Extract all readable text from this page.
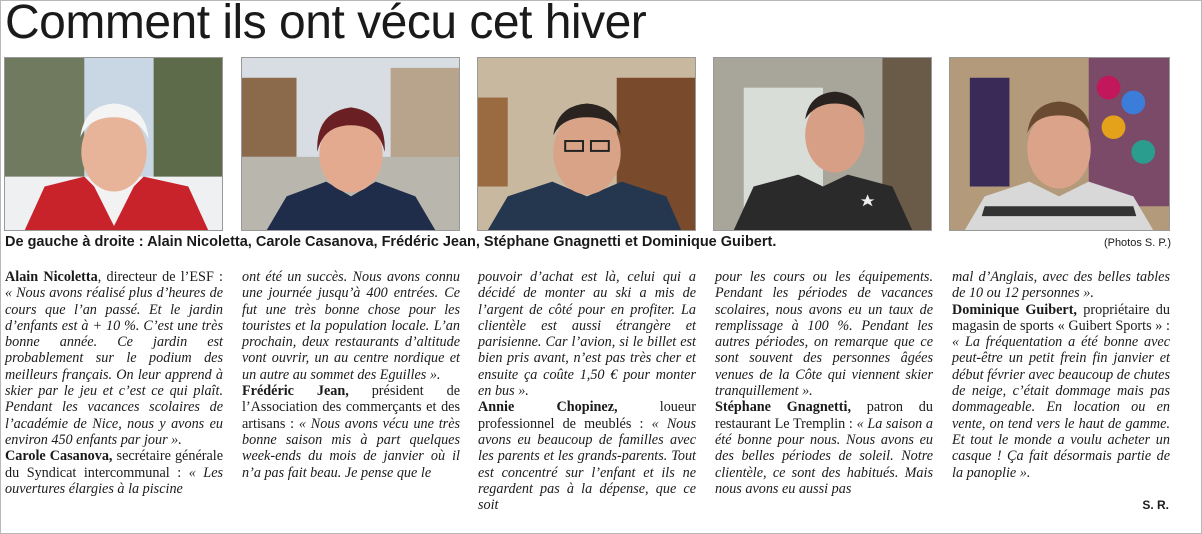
Comment ils ont vécu cet hiver
De gauche à droite : Alain Nicoletta, Carole Casanova, Frédéric Jean, Stéphane Gnagnetti et Dominique Guibert.	(Photos S. P.)

Alain Nicoletta, directeur de l’ESF : « Nous avons réalisé plus d’heures de cours que l’an passé. Et le jardin d’enfants est à + 10 %. C’est une très bonne année. Ce jardin est probablement sur le podium des meilleurs français. On leur apprend à skier par le jeu et c’est ce qui plaît. Pendant les vacances scolaires de l’académie de Nice, nous y avons eu environ 450 enfants par jour ».

Carole Casanova, secrétaire générale du Syndicat intercommunal : « Les ouvertures élargies à la piscine

ont été un succès. Nous avons connu une journée jusqu’à 400 entrées. Ce fut une très bonne chose pour les touristes et la population locale. L’an prochain, deux restaurants d’altitude vont ouvrir, un au centre nordique et un autre au sommet des Eguilles ».

Frédéric Jean, président de l’Association des commerçants et des artisans : « Nous avons vécu une très bonne saison mis à part quelques week-ends du mois de janvier où il n’a pas fait beau. Je pense que le

pouvoir d’achat est là, celui qui a décidé de monter au ski a mis de l’argent de côté pour en profiter. La clientèle est aussi étrangère et parisienne. Car l’avion, si le billet est bien pris avant, n’est pas très cher et ensuite ça coûte 1,50 € pour monter en bus ».

Annie Chopinez, loueur professionnel de meublés : « Nous avons eu beaucoup de familles avec les parents et les grands-parents. Tout est concentré sur l’enfant et ils ne regardent pas à la dépense, que ce soit

pour les cours ou les équipements. Pendant les périodes de vacances scolaires, nous avons eu un taux de remplissage à 100 %. Pendant les autres périodes, on remarque que ce sont souvent des personnes âgées venues de la Côte qui viennent skier tranquillement ».

Stéphane Gnagnetti, patron du restaurant Le Tremplin : « La saison a été bonne pour nous. Nous avons eu des belles périodes de soleil. Notre clientèle, ce sont des habitués. Mais nous avons eu aussi pas

mal d’Anglais, avec des belles tables de 10 ou 12 personnes ».

Dominique Guibert, propriétaire du magasin de sports « Guibert Sports » : « La fréquentation a été bonne avec peut-être un petit frein fin janvier et début février avec beaucoup de chutes de neige, c’était dommage mais pas dommageable. En location ou en vente, on tend vers le haut de gamme. Et tout le monde a voulu acheter un casque ! Ça fait désormais partie de la panoplie ».

S. R.
